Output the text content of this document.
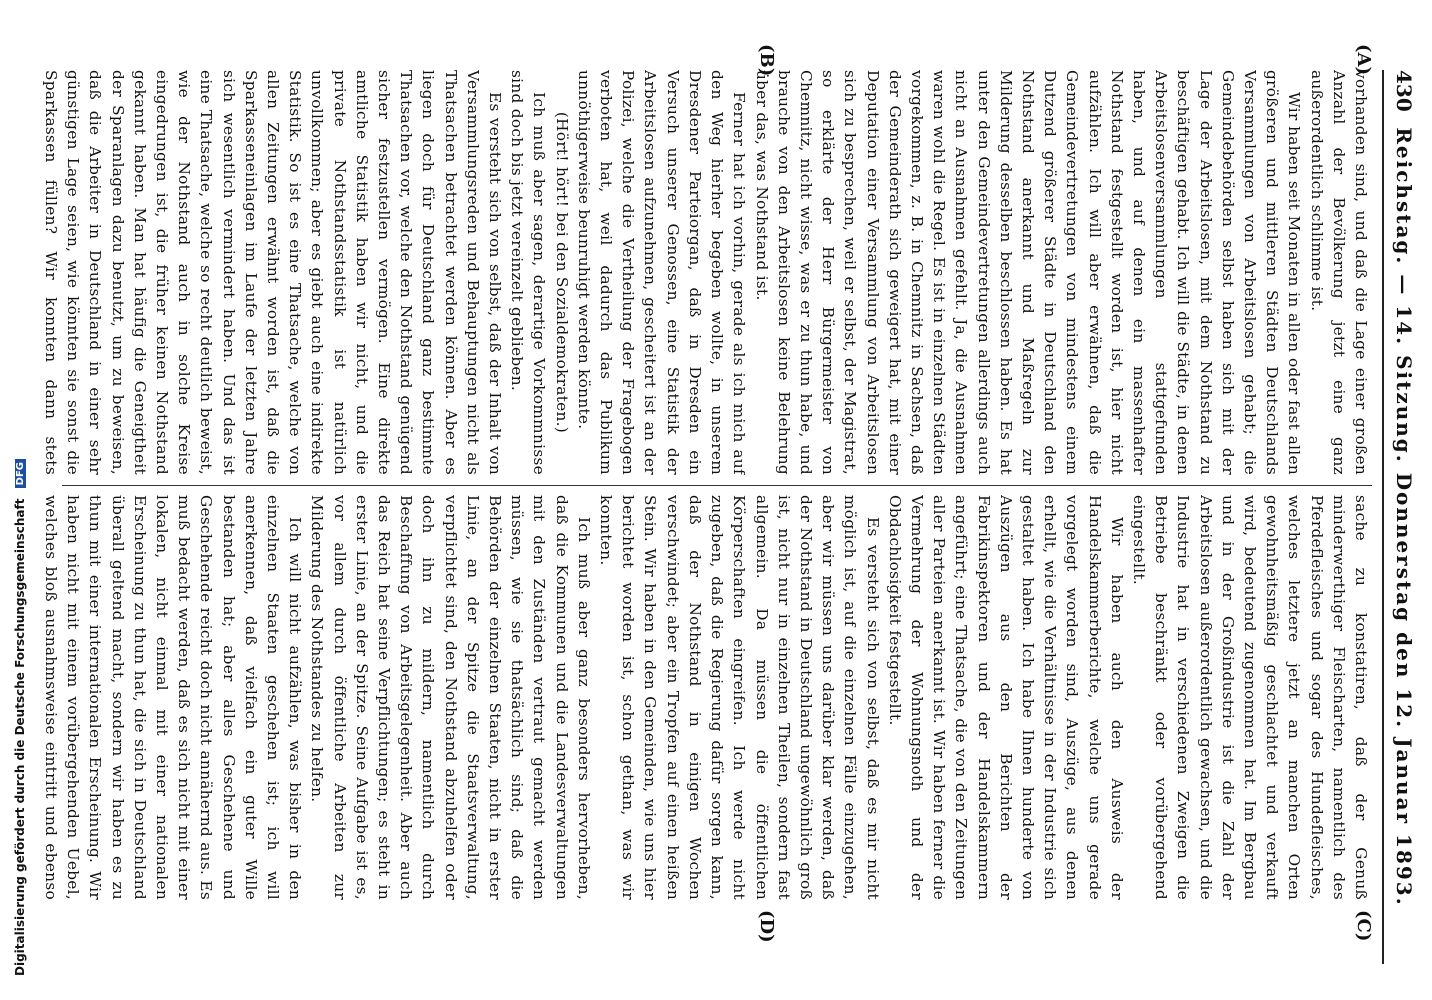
Digitalisierung gefördert durch die Deutsche Forschungsgemeinschaft DFG
430
Reichstag. — 14. Sitzung. Donnerstag den 12. Januar 1893.
(A)
(B)
(C)
(D)

vorhanden sind, und daß die Lage einer großen Anzahl der Bevölkerung jetzt eine ganz außerordentlich schlimme ist.

Wir haben seit Monaten in allen oder fast allen größeren und mittleren Städten Deutschlands Versammlungen von Arbeitslosen gehabt; die Gemeindebehörden selbst haben sich mit der Lage der Arbeitslosen, mit dem Nothstand zu beschäftigen gehabt. Ich will die Städte, in denen Arbeitslosenversammlungen stattgefunden haben, und auf denen ein massenhafter Nothstand festgestellt worden ist, hier nicht aufzählen. Ich will aber erwähnen, daß die Gemeindevertretungen von mindestens einem Dutzend größerer Städte in Deutschland den Nothstand anerkannt und Maßregeln zur Milderung desselben beschlossen haben. Es hat unter den Gemeindevertretungen allerdings auch nicht an Ausnahmen gefehlt. Ja, die Ausnahmen waren wohl die Regel. Es ist in einzelnen Städten vorgekommen, z. B. in Chemnitz in Sachsen, daß der Gemeinderath sich geweigert hat, mit einer Deputation einer Versammlung von Arbeitslosen sich zu besprechen, weil er selbst, der Magistrat, so erklärte der Herr Bürgermeister von Chemnitz, nicht wisse, was er zu thun habe, und brauche von den Arbeitslosen keine Belehrung über das, was Nothstand ist.

Ferner hat ich vorhin, gerade als ich mich auf den Weg hierher begeben wollte, in unserem Dresdener Parteiorgan, daß in Dresden ein Versuch unserer Genossen, eine Statistik der Arbeitslosen aufzunehmen, gescheitert ist an der Polizei, welche die Vertheilung der Fragebogen verboten hat, weil dadurch das Publikum unnöthigerweise beunruhigt werden könnte.

(Hört! hört! bei den Sozialdemokraten.)

Ich muß aber sagen, derartige Vorkommnisse sind doch bis jetzt vereinzelt geblieben.

Es versteht sich von selbst, daß der Inhalt von Versammlungsreden und Behauptungen nicht als Thatsachen betrachtet werden können. Aber es liegen doch für Deutschland ganz bestimmte Thatsachen vor, welche den Nothstand genügend sicher festzustellen vermögen. Eine direkte amtliche Statistik haben wir nicht, und die private Nothstandsstatistik ist natürlich unvollkommen; aber es giebt auch eine indirekte Statistik. So ist es eine Thatsache, welche von allen Zeitungen erwähnt worden ist, daß die Sparkasseneinlagen im Laufe der letzten Jahre sich wesentlich vermindert haben. Und das ist eine Thatsache, welche so recht deutlich beweist, wie der Nothstand auch in solche Kreise eingedrungen ist, die früher keinen Nothstand gekannt haben. Man hat häufig die Geneigtheit der Sparanlagen dazu benutzt, um zu beweisen, daß die Arbeiter in Deutschland in einer sehr günstigen Lage seien, wie könnten sie sonst die Sparkassen füllen? Wir konnten dann stets

sache zu konstatiren, daß der Genuß minderwerthiger Fleischarten, namentlich des Pferdefleisches und sogar des Hundefleisches, welches letztere jetzt an manchen Orten gewohnheitsmäßig geschlachtet und verkauft wird, bedeutend zugenommen hat. Im Bergbau und in der Großindustrie ist die Zahl der Arbeitslosen außerordentlich gewachsen, und die Industrie hat in verschiedenen Zweigen die Betriebe beschränkt oder vorübergehend eingestellt.

Wir haben auch den Ausweis der Handelskammerberichte, welche uns gerade vorgelegt worden sind, Auszüge, aus denen erhellt, wie die Verhältnisse in der Industrie sich gestaltet haben. Ich habe Ihnen hunderte von Auszügen aus den Berichten der Fabrikinspektoren und der Handelskammern angeführt; eine Thatsache, die von den Zeitungen aller Parteien anerkannt ist. Wir haben ferner die Vermehrung der Wohnungsnoth und der Obdachlosigkeit festgestellt.

Es versteht sich von selbst, daß es mir nicht möglich ist, auf die einzelnen Fälle einzugehen, aber wir müssen uns darüber klar werden, daß der Nothstand in Deutschland ungewöhnlich groß ist, nicht nur in einzelnen Theilen, sondern fast allgemein. Da müssen die öffentlichen Körperschaften eingreifen. Ich werde nicht zugeben, daß die Regierung dafür sorgen kann, daß der Nothstand in einigen Wochen verschwindet; aber ein Tropfen auf einen heißen Stein. Wir haben in den Gemeinden, wie uns hier berichtet worden ist, schon gethan, was wir konnten.

Ich muß aber ganz besonders hervorheben, daß die Kommunen und die Landesverwaltungen mit den Zuständen vertraut gemacht werden müssen, wie sie thatsächlich sind; daß die Behörden der einzelnen Staaten, nicht in erster Linie, an der Spitze die Staatsverwaltung, verpflichtet sind, den Nothstand abzuhelfen oder doch ihn zu mildern, namentlich durch Beschaffung von Arbeitsgelegenheit. Aber auch das Reich hat seine Verpflichtungen; es steht in erster Linie, an der Spitze. Seine Aufgabe ist es, vor allem durch öffentliche Arbeiten zur Milderung des Nothstandes zu helfen.

Ich will nicht aufzählen, was bisher in den einzelnen Staaten geschehen ist; ich will anerkennen, daß vielfach ein guter Wille bestanden hat; aber alles Geschehene und Geschehende reicht doch nicht annähernd aus. Es muß bedacht werden, daß es sich nicht mit einer lokalen, nicht einmal mit einer nationalen Erscheinung zu thun hat, die sich in Deutschland überall geltend macht, sondern wir haben es zu thun mit einer internationalen Erscheinung. Wir haben nicht mit einem vorübergehenden Uebel, welches bloß ausnahmsweise eintritt und ebenso
